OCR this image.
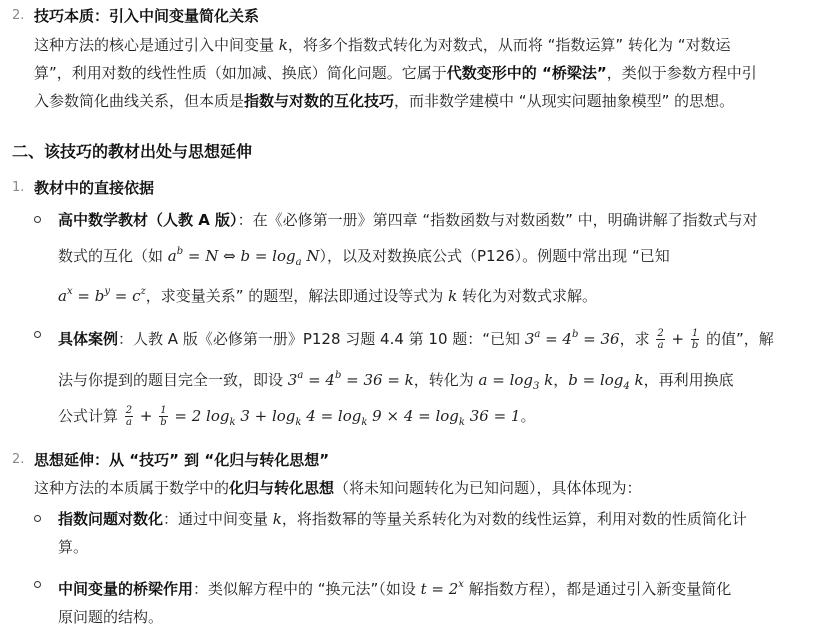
2. 技巧本质：引入中间变量简化关系
这种方法的核心是通过引入中间变量 k，将多个指数式转化为对数式，从而将 “指数运算” 转化为 “对数运
算”，利用对数的线性性质（如加减、换底）简化问题。它属于代数变形中的 “桥梁法”，类似于参数方程中引
入参数简化曲线关系，但本质是指数与对数的互化技巧，而非数学建模中 “从现实问题抽象模型” 的思想。
二、该技巧的教材出处与思想延伸
1. 教材中的直接依据
高中数学教材（人教 A 版）：在《必修第一册》第四章 “指数函数与对数函数” 中，明确讲解了指数式与对
数式的互化（如 $a^b = N$ ⇔ $b = \log_a N$），以及对数换底公式（P126）。例题中常出现 “已知
$a^x = b^y = c^z$，求变量关系” 的题型，解法即通过设等式为 k 转化为对数式求解。
具体案例：人教 A 版《必修第一册》P128 习题 4.4 第 10 题：“已知 $3^a = 4^b = 36$，求 $\frac{2}{a} + \frac{1}{b}$ 的值”，解
法与你提到的题目完全一致，即设 $3^a = 4^b = 36 = k$，转化为 $a = \log_3 k$，$b = \log_4 k$，再利用换底
公式计算 $\frac{2}{a} + \frac{1}{b} = 2$ $\log_k 3 + \log_k 4 = \log_k 9 \times 4 = \log_k 36 = 1$。
2. 思想延伸：从 “技巧” 到 “化归与转化思想”
这种方法的本质属于数学中的化归与转化思想（将未知问题转化为已知问题），具体体现为：
指数问题对数化：通过中间变量 k，将指数幂的等量关系转化为对数的线性运算，利用对数的性质简化计
算。
中间变量的桥梁作用：类似解方程中的 “换元法”（如设 $t = 2^x$ 解指数方程），都是通过引入新变量简化
原问题的结构。
